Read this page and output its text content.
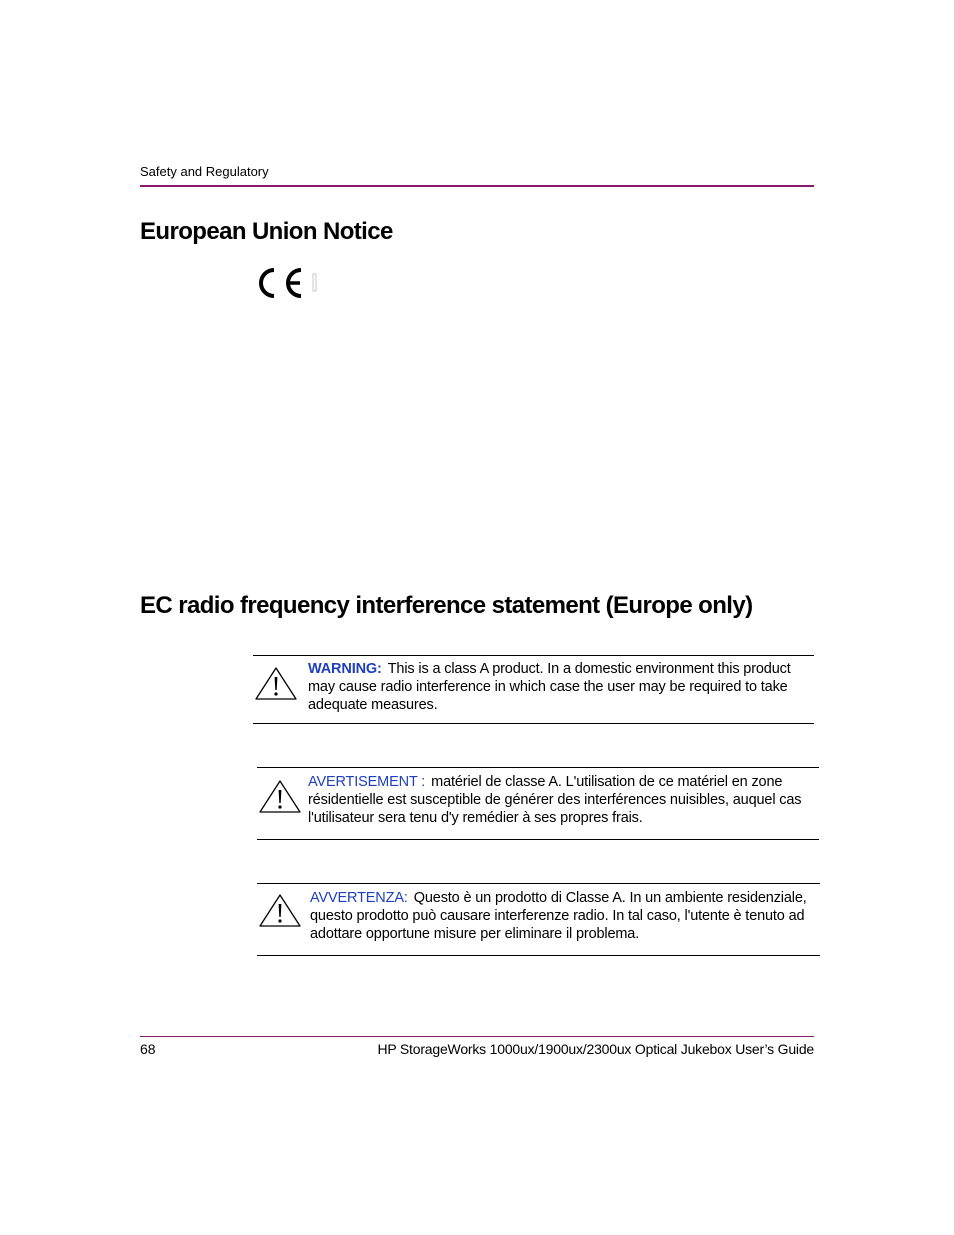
Safety and Regulatory
European Union Notice
EC radio frequency interference statement (Europe only)
WARNING: This is a class A product. In a domestic environment this product may cause radio interference in which case the user may be required to take adequate measures.
AVERTISEMENT : matériel de classe A. L'utilisation de ce matériel en zone résidentielle est susceptible de générer des interférences nuisibles, auquel cas l'utilisateur sera tenu d'y remédier à ses propres frais.
AVVERTENZA: Questo è un prodotto di Classe A. In un ambiente residenziale, questo prodotto può causare interferenze radio. In tal caso, l'utente è tenuto ad adottare opportune misure per eliminare il problema.
68	HP StorageWorks 1000ux/1900ux/2300ux Optical Jukebox User’s Guide
